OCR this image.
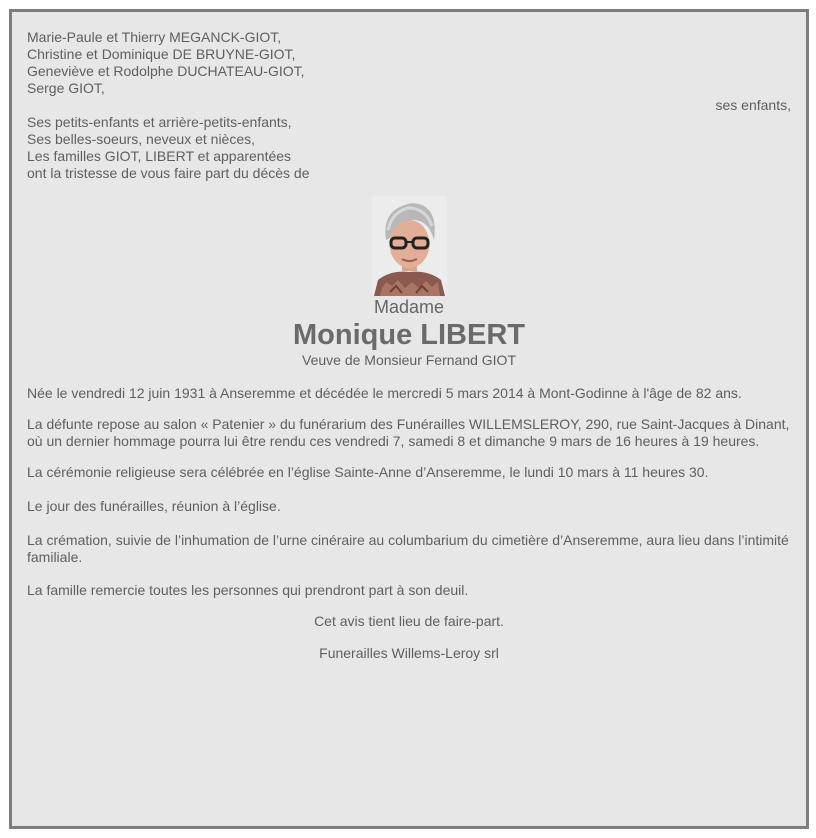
Marie-Paule et Thierry MEGANCK-GIOT,

Christine et Dominique DE BRUYNE-GIOT,

Geneviève et Rodolphe DUCHATEAU-GIOT,

Serge GIOT,

ses enfants,

Ses petits-enfants et arrière-petits-enfants,

Ses belles-soeurs, neveux et nièces,

Les familles GIOT, LIBERT et apparentées

ont la tristesse de vous faire part du décès de

Madame

Monique LIBERT

Veuve de Monsieur Fernand GIOT

Née le vendredi 12 juin 1931 à Anseremme et décédée le mercredi 5 mars 2014 à Mont-Godinne à l'âge de 82 ans.

La défunte repose au salon « Patenier » du funérarium des Funérailles WILLEMSLEROY, 290, rue Saint-Jacques à Dinant, où un dernier hommage pourra lui être rendu ces vendredi 7, samedi 8 et dimanche 9 mars de 16 heures à 19 heures.

La cérémonie religieuse sera célébrée en l’église Sainte-Anne d’Anseremme, le lundi 10 mars à 11 heures 30.

Le jour des funérailles, réunion à l’église.

La crémation, suivie de l’inhumation de l’urne cinéraire au columbarium du cimetière d’Anseremme, aura lieu dans l’intimité familiale.

La famille remercie toutes les personnes qui prendront part à son deuil.

Cet avis tient lieu de faire-part.

Funerailles Willems-Leroy srl
